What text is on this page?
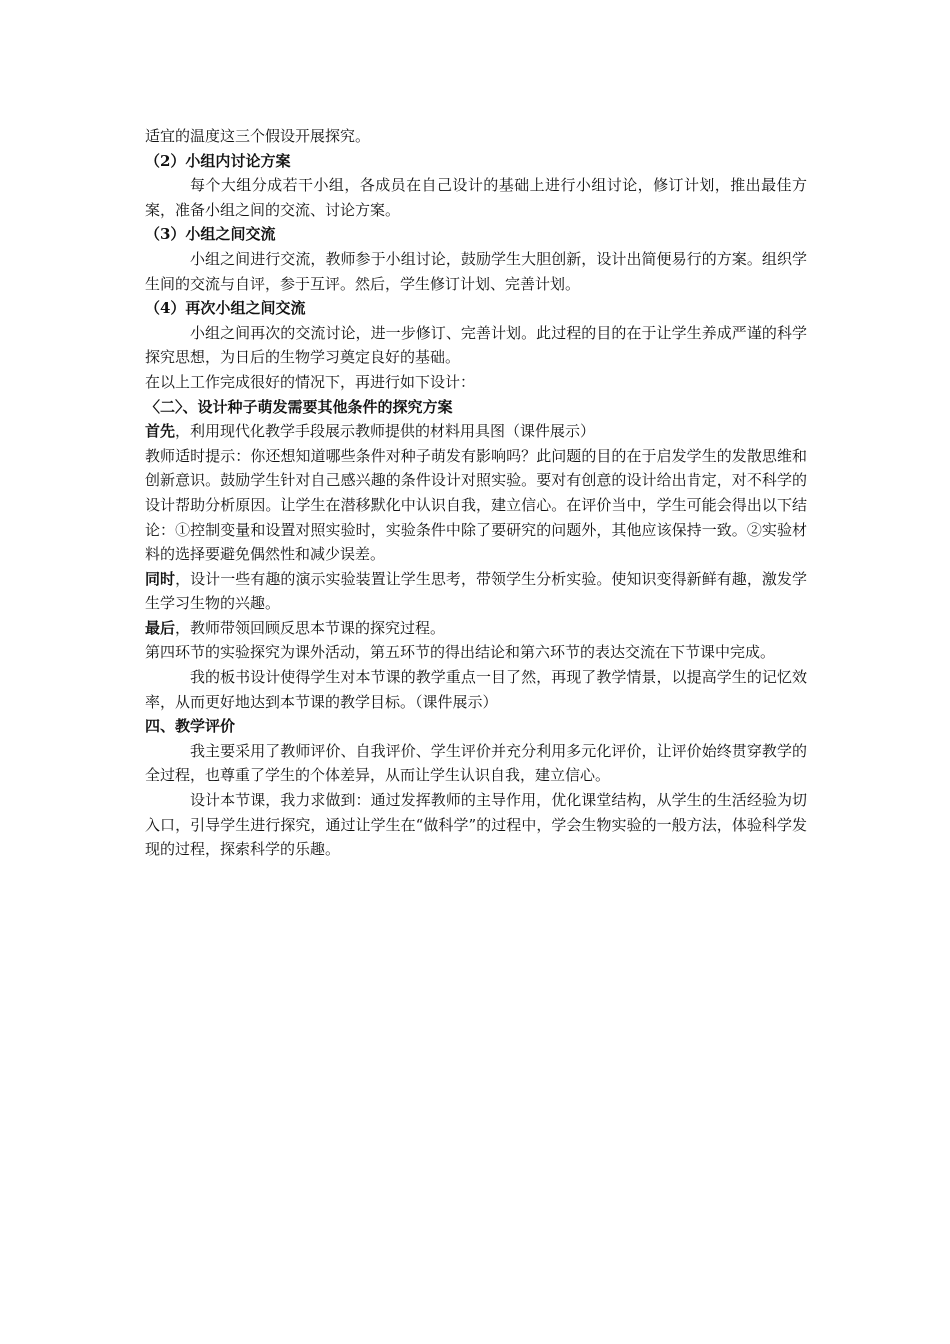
适宜的温度这三个假设开展探究。

（2）小组内讨论方案

每个大组分成若干小组，各成员在自己设计的基础上进行小组讨论，修订计划，推出最佳方案，准备小组之间的交流、讨论方案。

（3）小组之间交流

小组之间进行交流，教师参于小组讨论，鼓励学生大胆创新，设计出简便易行的方案。组织学生间的交流与自评，参于互评。然后，学生修订计划、完善计划。

（4）再次小组之间交流

小组之间再次的交流讨论，进一步修订、完善计划。此过程的目的在于让学生养成严谨的科学探究思想，为日后的生物学习奠定良好的基础。

在以上工作完成很好的情况下，再进行如下设计：

〈二〉、设计种子萌发需要其他条件的探究方案

首先，利用现代化教学手段展示教师提供的材料用具图（课件展示）

教师适时提示：你还想知道哪些条件对种子萌发有影响吗？此问题的目的在于启发学生的发散思维和创新意识。鼓励学生针对自己感兴趣的条件设计对照实验。要对有创意的设计给出肯定，对不科学的设计帮助分析原因。让学生在潜移默化中认识自我，建立信心。在评价当中，学生可能会得出以下结论：①控制变量和设置对照实验时，实验条件中除了要研究的问题外，其他应该保持一致。②实验材料的选择要避免偶然性和减少误差。

同时，设计一些有趣的演示实验装置让学生思考，带领学生分析实验。使知识变得新鲜有趣，激发学生学习生物的兴趣。

最后，教师带领回顾反思本节课的探究过程。

第四环节的实验探究为课外活动，第五环节的得出结论和第六环节的表达交流在下节课中完成。

我的板书设计使得学生对本节课的教学重点一目了然，再现了教学情景，以提高学生的记忆效率，从而更好地达到本节课的教学目标。（课件展示）

四、教学评价

我主要采用了教师评价、自我评价、学生评价并充分利用多元化评价，让评价始终贯穿教学的全过程，也尊重了学生的个体差异，从而让学生认识自我，建立信心。

设计本节课，我力求做到：通过发挥教师的主导作用，优化课堂结构，从学生的生活经验为切入口，引导学生进行探究，通过让学生在“做科学”的过程中，学会生物实验的一般方法，体验科学发现的过程，探索科学的乐趣。
